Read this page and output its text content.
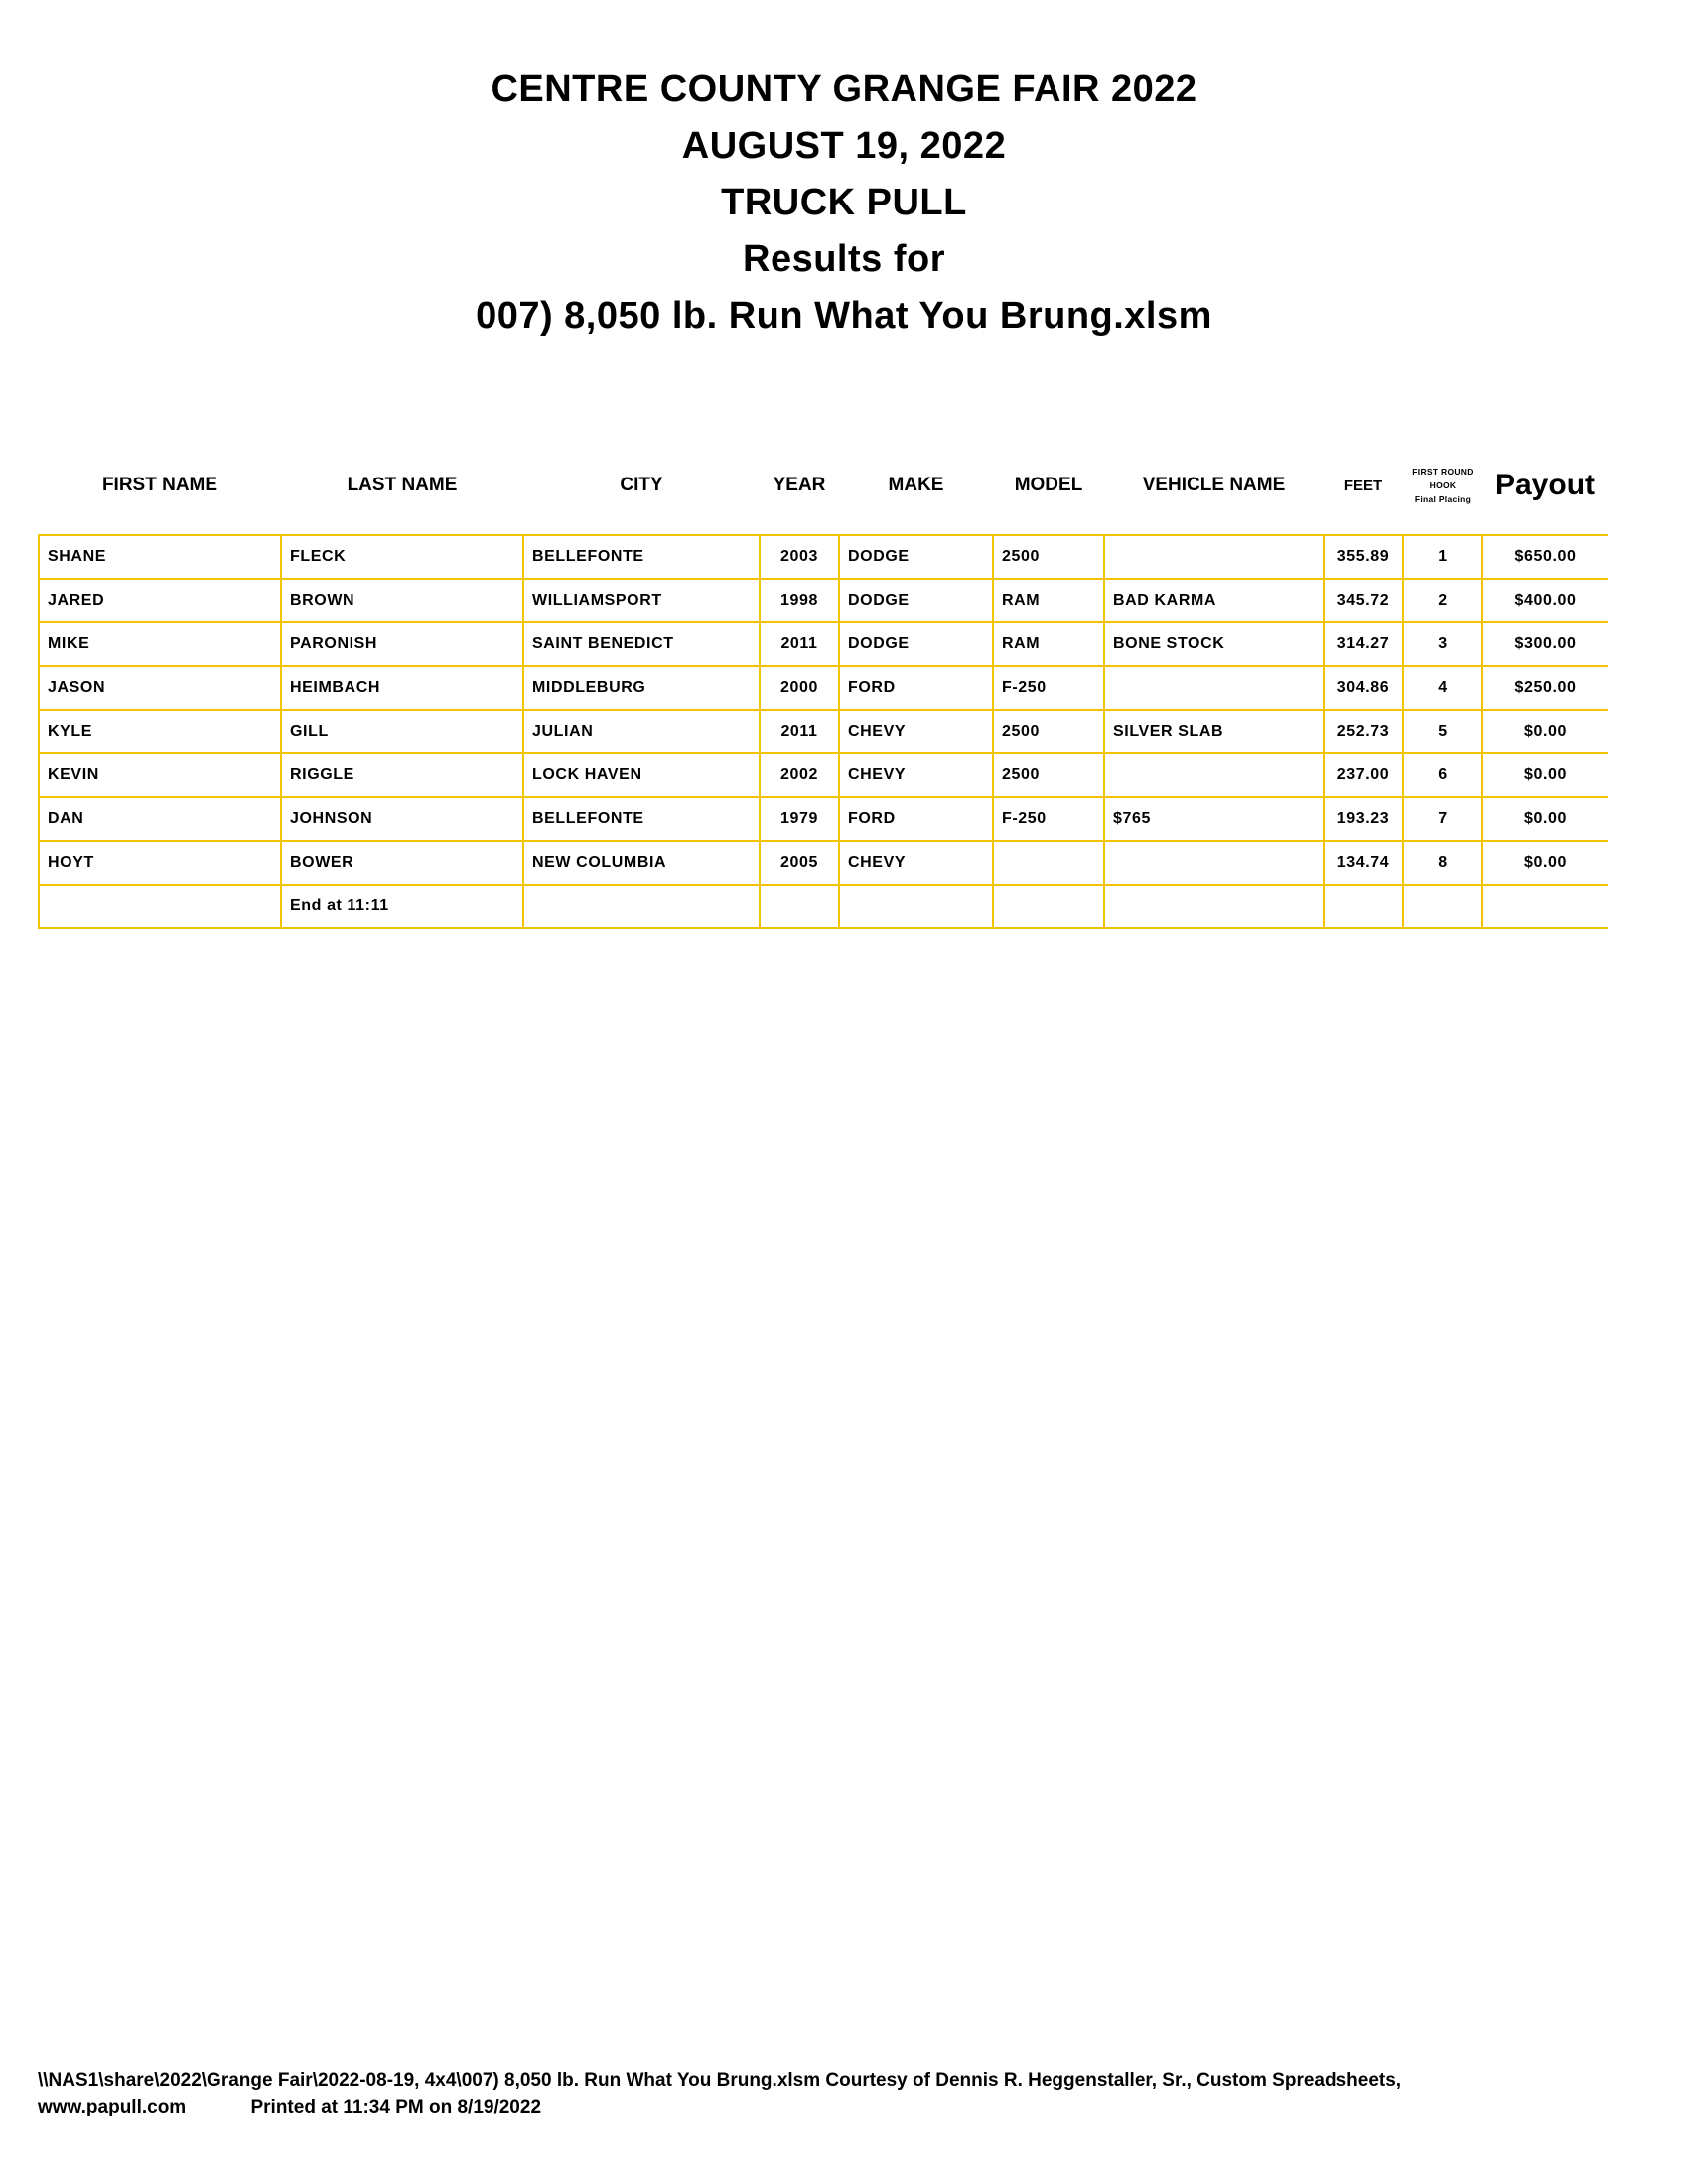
CENTRE COUNTY GRANGE FAIR 2022
AUGUST 19, 2022
TRUCK PULL
Results for
007) 8,050 lb. Run What You Brung.xlsm
FIRST NAME	LAST NAME	CITY	YEAR	MAKE	MODEL	VEHICLE NAME	FEET	FIRST ROUND
HOOK
Final Placing	Payout

SHANE	FLECK	BELLEFONTE	2003	DODGE	2500		355.89	1	$650.00
JARED	BROWN	WILLIAMSPORT	1998	DODGE	RAM	BAD KARMA	345.72	2	$400.00
MIKE	PARONISH	SAINT BENEDICT	2011	DODGE	RAM	BONE STOCK	314.27	3	$300.00
JASON	HEIMBACH	MIDDLEBURG	2000	FORD	F-250		304.86	4	$250.00
KYLE	GILL	JULIAN	2011	CHEVY	2500	SILVER SLAB	252.73	5	$0.00
KEVIN	RIGGLE	LOCK HAVEN	2002	CHEVY	2500		237.00	6	$0.00
DAN	JOHNSON	BELLEFONTE	1979	FORD	F-250	$765	193.23	7	$0.00
HOYT	BOWER	NEW COLUMBIA	2005	CHEVY			134.74	8	$0.00
	End at 11:11								
\\NAS1\share\2022\Grange Fair\2022-08-19, 4x4\007) 8,050 lb. Run What You Brung.xlsm Courtesy of Dennis R. Heggenstaller, Sr., Custom Spreadsheets,
www.papull.com	Printed at 11:34 PM on 8/19/2022
